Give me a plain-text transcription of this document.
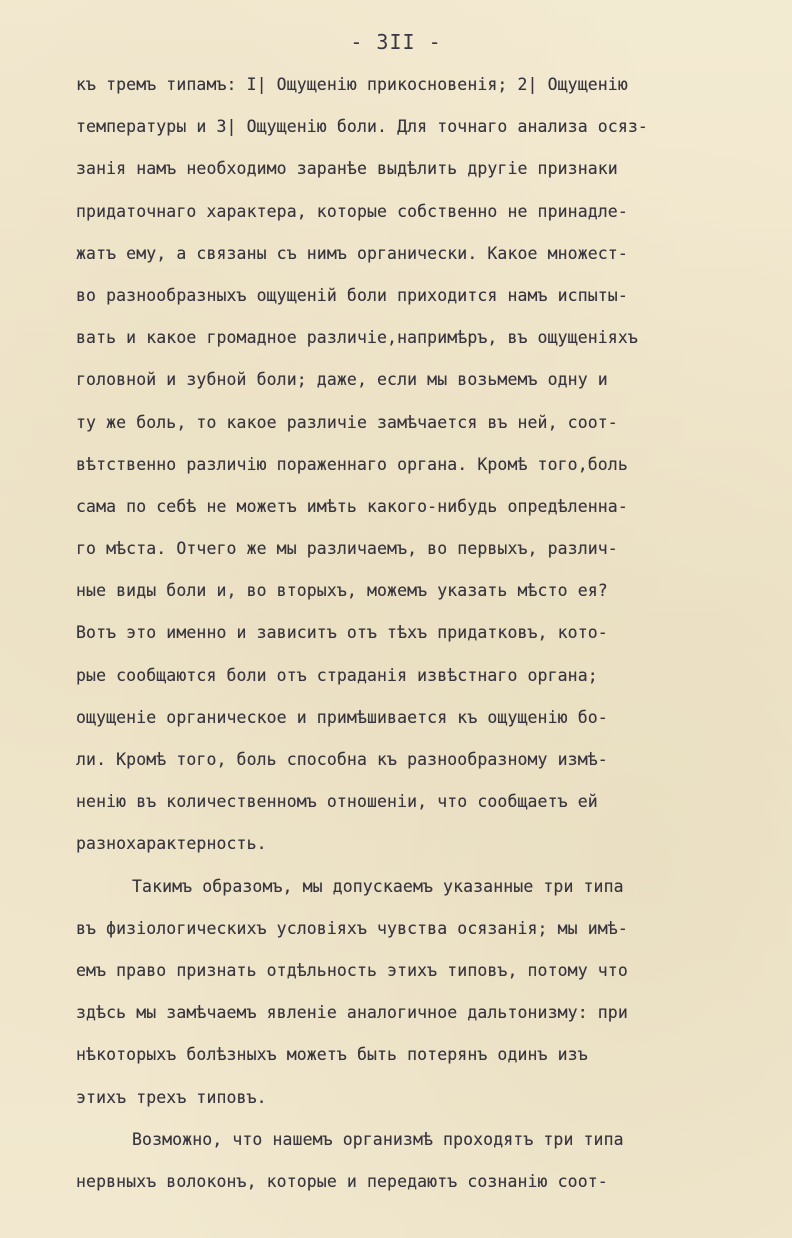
- 3II -
къ тремъ типамъ: I| Ощущенію прикосновенія; 2| Ощущенію
температуры и 3| Ощущенію боли. Для точнаго анализа осяз-
занія намъ необходимо заранѣе выдѣлить другіе признаки
придаточнаго характера, которые собственно не принадле-
жатъ ему, а связаны съ нимъ органически. Какое множест-
во разнообразныхъ ощущеній боли приходится намъ испыты-
вать и какое громадное различіе,напримѣръ, въ ощущеніяхъ
головной и зубной боли; даже, если мы возьмемъ одну и
ту же боль, то какое различіе замѣчается въ ней, соот-
вѣтственно различію пораженнаго органа. Кромѣ того,боль
сама по себѣ не можетъ имѣть какого-нибудь опредѣленна-
го мѣста. Отчего же мы различаемъ, во первыхъ, различ-
ные виды боли и, во вторыхъ, можемъ указать мѣсто ея?
Вотъ это именно и зависитъ отъ тѣхъ придатковъ, кото-
рые сообщаются боли отъ страданія извѣстнаго органа;
ощущеніе органическое и примѣшивается къ ощущенію бо-
ли. Кромѣ того, боль способна къ разнообразному измѣ-
ненію въ количественномъ отношеніи, что сообщаетъ ей
разнохарактерность.
Такимъ образомъ, мы допускаемъ указанные три типа
въ физіологическихъ условіяхъ чувства осязанія; мы имѣ-
емъ право признать отдѣльность этихъ типовъ, потому что
здѣсь мы замѣчаемъ явленіе аналогичное дальтонизму: при
нѣкоторыхъ болѣзныхъ можетъ быть потерянъ одинъ изъ
этихъ трехъ типовъ.
Возможно, что нашемъ организмѣ проходятъ три типа
нервныхъ волоконъ, которые и передаютъ сознанію соот-
